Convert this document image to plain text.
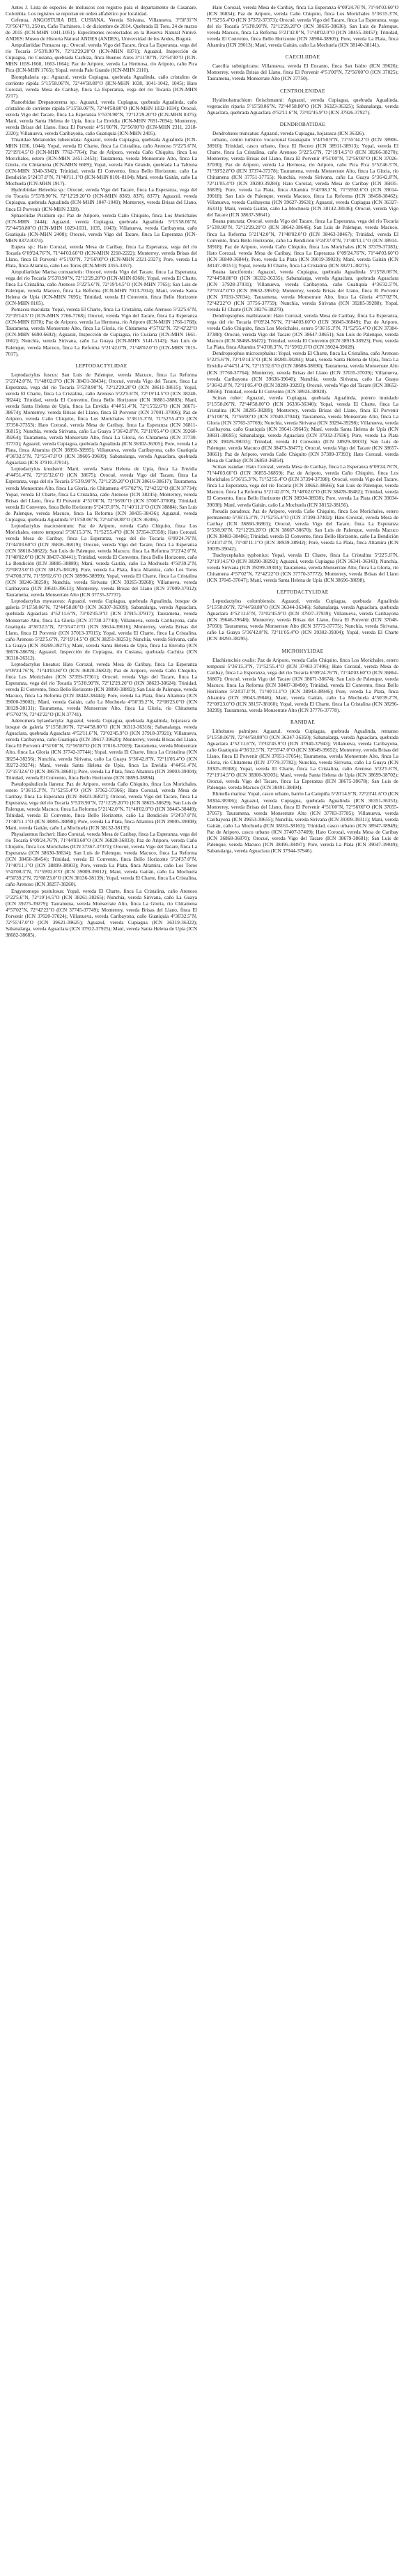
Antes J. Lista de especies de moluscos con registro para el departamento de Casanare, Colombia. Los registros se reportan en orden alfabético por localidad.

Cefenua, ANGOSTURA DEL CUSIANA, Vereda Sirivana, Villanueva, 3°50'31"N 73°56'47"O, 250 m, Caño Tuchinero, 1 de diciembre de 2014, Quebrada El Toro, 24 de marzo de 2015 (ICN-MHN 1041-1051). Especímenes recolectados en la Reserva Natural Ninivé. ANDES: Museo de Historia Natural ANDES (ANDES), Universidad de los Andes, Bogotá.

Ampullariidae Pomacea sp.: Orocué, vereda Vigo del Tacare, finca La Esperanza, vega del río Tocaría 5°53'8.90"N, 72°12'29.20"O (ICN-MHN 8371); Aguazul, Inspección de Cupiagua, río Cusiana, quebrada Cachiza, finca Buenos Aires 3°11'30"N, 72°54'30"O (ICN-MHN 1659-1660, 1663-1664); Paz de Ariporo, vereda La Hermosa, río Ariporo, caño Pica Pica (ICN-MHN 1765); Yopal, vereda Palo Grande (ICN-MHN 2110).

Biomphalaria sp.: Aguazul, vereda Cupiagua, quebrada Agualinda, caño cristalino de corriente rápida 5°15'58.06"N, 72°44'58.80"O (ICN-MHN 1038, 1041-1042, 1045); Hato Corozal, vereda Mesa de Caribay, finca La Esperanza, vega del río Tocaría (ICN-MHN 2217).

Planorbidae Drepanotrema sp.: Aguazul, vereda Cupiagua, quebrada Agualinda, caño cristalino de corriente rápida 5°15'58.06"N, 72°44'58.80"O (ICN-MHN 1032-1034); Orocué, vereda Vigo del Tacare, finca La Esperanza 5°53'8.90"N, 72°12'29.20"O (ICN-MHN 8375); Maní, vereda Santa Helena de Upía, finca La Envidia (ICN-MHN 7691-7694); Monterrey, vereda Brisas del Llano, finca El Porvenir 4°51'00"N, 72°56'00"O (ICN-MHN 2311, 2318-2320); Villanueva, vereda Caribayona, caño Guatiquía (ICN-MHN 2405).

Thiaridae Melanoides tuberculata: Aguazul, vereda Cupiagua, quebrada Agualinda (ICN-MHN 1036, 1044); Yopal, vereda El Charte, finca La Cristalina, caño Arenoso 5°22'5.6"N, 72°19'14.5"O (ICN-MHN 7762-7764); Paz de Ariporo, vereda Caño Chiquito, finca Los Morichales, estero (ICN-MHN 2451-2453); Tauramena, vereda Monserrate Alto, finca La Gloria, río Chitamena (ICN-MHN 6689); Yopal, vereda Palo Grande, quebrada La Tablona (ICN-MHN 3340-3342); Trinidad, vereda El Convento, finca Bello Horizonte, caño La Bendición 5°24'37.0"N, 71°40'11.1"O (ICN-MHN 8101-8104); Maní, vereda Gaitán, caño La Mochuela (ICN-MHN 1917).

Hydrobiidae Heleobia sp.: Orocué, vereda Vigo del Tacare, finca La Esperanza, vega del río Tocaría 5°53'8.90"N, 72°12'29.20"O (ICN-MHN 8369, 8376, 8377); Aguazul, vereda Cupiagua, quebrada Agualinda (ICN-MHN 1047-1049); Monterrey, vereda Brisas del Llano, finca El Porvenir (ICN-MHN 2328).

Sphaeriidae Pisidium sp.: Paz de Ariporo, vereda Caño Chiquito, finca Los Morichales (ICN-MHN 2444); Aguazul, vereda Cupiagua, quebrada Agualinda 5°15'58.06"N, 72°44'58.80"O (ICN-MHN 1029-1031, 1035, 1043); Villanueva, vereda Caribayona, caño Guatiquía (ICN-MHN 2408); Orocué, vereda Vigo del Tacare, finca La Esperanza (ICN-MHN 8372-8374).

Eupera sp.: Hato Corozal, vereda Mesa de Caribay, finca La Esperanza, vega del río Tocaría 6°09'24.76"N, 71°44'03.60"O (ICN-MHN 2218-2222); Monterrey, vereda Brisas del Llano, finca El Porvenir 4°51'00"N, 72°56'00"O (ICN-MHN 2321-2327); Pore, vereda La Plata, finca Altamira, caño Los Toros (ICN-MHN 3355-3357).

Ampullariidae Marisa cornuarietis: Orocué, vereda Vigo del Tacare, finca La Esperanza, vega del río Tocaría 5°53'8.90"N, 72°12'29.20"O (ICN-MHN 8368); Yopal, vereda El Charte, finca La Cristalina, caño Arenoso 5°22'5.6"N, 72°19'14.5"O (ICN-MHN 7765); San Luis de Palenque, vereda Macuco, finca La Reforma (ICN-MHN 7013-7014); Maní, vereda Santa Helena de Upía (ICN-MHN 7695); Trinidad, vereda El Convento, finca Bello Horizonte (ICN-MHN 8105).

Pomacea maculata: Yopal, vereda El Charte, finca La Cristalina, caño Arenoso 5°22'5.6"N, 72°19'14.5"O (ICN-MHN 7766-7768); Orocué, vereda Vigo del Tacare, finca La Esperanza (ICN-MHN 8370); Paz de Ariporo, vereda La Hermosa, río Ariporo (ICN-MHN 1766-1768); Tauramena, vereda Monserrate Alto, finca La Gloria, río Chitamena 4°57'02"N, 72°42'22"O (ICN-MHN 6690-6692); Aguazul, Inspección de Cupiagua, río Cusiana (ICN-MHN 1661-1662); Nunchía, vereda Sirivana, caño La Guaya (ICN-MHN 5141-5143); San Luis de Palenque, vereda Macuco, finca La Reforma 5°21'42.0"N, 71°48'02.0"O (ICN-MHN 7015-7017).

LEPTODACTYLIDAE

Leptodactylus fuscus: San Luis de Palenque, vereda Macuco, finca La Reforma 5°21'42.0"N, 71°48'02.0"O (ICN 38431-38434); Orocué, vereda Vigo del Tacare, finca La Esperanza, vega del río Tocaría 5°53'8.90"N, 72°12'29.20"O (ICN 38611-38615); Yopal, vereda El Charte, finca La Cristalina, caño Arenoso 5°22'5.6"N, 72°19'14.5"O (ICN 38240-38244); Trinidad, vereda El Convento, finca Bello Horizonte (ICN 38881-38883); Maní, vereda Santa Helena de Upía, finca La Envidia 4°44'51.4"N, 72°15'32.6"O (ICN 38671-38674); Monterrey, vereda Brisas del Llano, finca El Porvenir (ICN 37001-37006); Paz de Ariporo, vereda Caño Chiquito, finca Los Morichales 5°36'15.3"N, 71°52'55.4"O (ICN 37350-37353); Hato Corozal, vereda Mesa de Caribay, finca La Esperanza (ICN 36811-36815); Nunchía, vereda Sirivana, caño La Guaya 5°36'42.8"N, 72°11'05.4"O (ICN 39260-39264); Tauramena, vereda Monserrate Alto, finca La Gloria, río Chitamena (ICN 37730-37733); Aguazul, vereda Cupiagua, quebrada Agualinda (ICN 36302-36305); Pore, vereda La Plata, finca Altamira (ICN 38991-38995); Villanueva, vereda Caribayona, caño Guatiquía 4°36'32.5"N, 72°55'47.0"O (ICN 39605-39609); Sabanalarga, vereda Aguaclara, quebrada Aguaclara (ICN 37910-37914).

Leptodactylus knudseni: Maní, vereda Santa Helena de Upía, finca La Envidia 4°44'51.4"N, 72°15'32.6"O (ICN 38675); Orocué, vereda Vigo del Tacare, finca La Esperanza, vega del río Tocaría 5°53'8.90"N, 72°12'29.20"O (ICN 38616-38617); Tauramena, vereda Monserrate Alto, finca La Gloria, río Chitamena 4°57'02"N, 72°42'22"O (ICN 37734); Yopal, vereda El Charte, finca La Cristalina, caño Arenoso (ICN 38245); Monterrey, vereda Brisas del Llano, finca El Porvenir 4°51'00"N, 72°56'00"O (ICN 37007-37008); Trinidad, vereda El Convento, finca Bello Horizonte 5°24'37.0"N, 71°40'11.1"O (ICN 38884); San Luis de Palenque, vereda Macuco, finca La Reforma (ICN 38435-38436); Aguazul, vereda Cupiagua, quebrada Agualinda 5°15'58.06"N, 72°44'58.80"O (ICN 36306).

Leptodactylus macrosternum: Paz de Ariporo, vereda Caño Chiquito, finca Los Morichales, estero temporal 5°36'15.3"N, 71°52'55.4"O (ICN 37354-37358); Hato Corozal, vereda Mesa de Caribay, finca La Esperanza, vega del río Tocaría 6°09'24.76"N, 71°44'03.60"O (ICN 36816-36819); Orocué, vereda Vigo del Tacare, finca La Esperanza (ICN 38618-38622); San Luis de Palenque, vereda Macuco, finca La Reforma 5°21'42.0"N, 71°48'02.0"O (ICN 38437-38441); Trinidad, vereda El Convento, finca Bello Horizonte, caño La Bendición (ICN 38885-38889); Maní, vereda Gaitán, caño La Mochuela 4°50'39.2"N, 72°08'23.0"O (ICN 38125-38128); Pore, vereda La Plata, finca Altamira, caño Los Toros 5°43'08.3"N, 71°59'02.6"O (ICN 38996-38999); Yopal, vereda El Charte, finca La Cristalina (ICN 38246-38250); Nunchía, vereda Sirivana (ICN 39265-39268); Villanueva, vereda Caribayona (ICN 39610-39613); Monterrey, vereda Brisas del Llano (ICN 37009-37012); Tauramena, vereda Monserrate Alto (ICN 37735-37737).

Leptodactylus mystaceus: Aguazul, vereda Cupiagua, quebrada Agualinda, bosque de galería 5°15'58.06"N, 72°44'58.80"O (ICN 36307-36309); Sabanalarga, vereda Aguaclara, quebrada Aguaclara 4°52'11.6"N, 73°02'45.9"O (ICN 37915-37917); Tauramena, vereda Monserrate Alto, finca La Gloria (ICN 37738-37740); Villanueva, vereda Caribayona, caño Guatiquía 4°36'32.5"N, 72°55'47.0"O (ICN 39614-39616); Monterrey, vereda Brisas del Llano, finca El Porvenir (ICN 37013-37015); Yopal, vereda El Charte, finca La Cristalina, caño Arenoso 5°22'5.6"N, 72°19'14.5"O (ICN 38251-38253); Nunchía, vereda Sirivana, caño La Guaya (ICN 39269-39271); Maní, vereda Santa Helena de Upía, finca La Envidia (ICN 38676-38678); Aguazul, Inspección de Cupiagua, río Cusiana, quebrada Cachiza (ICN 36310-36312).

Leptodactylus lineatus: Hato Corozal, vereda Mesa de Caribay, finca La Esperanza 6°09'24.76"N, 71°44'03.60"O (ICN 36820-36822); Paz de Ariporo, vereda Caño Chiquito, finca Los Morichales (ICN 37359-37361); Orocué, vereda Vigo del Tacare, finca La Esperanza, vega del río Tocaría 5°53'8.90"N, 72°12'29.20"O (ICN 38623-38624); Trinidad, vereda El Convento, finca Bello Horizonte (ICN 38890-38892); San Luis de Palenque, vereda Macuco, finca La Reforma (ICN 38442-38444); Pore, vereda La Plata, finca Altamira (ICN 39000-39002); Maní, vereda Gaitán, caño La Mochuela 4°50'39.2"N, 72°08'23.0"O (ICN 38129-38131); Tauramena, vereda Monserrate Alto, finca La Gloria, río Chitamena 4°57'02"N, 72°42'22"O (ICN 37741).

Adenomera hylaedactyla: Aguazul, vereda Cupiagua, quebrada Agualinda, hojarasca de bosque de galería 5°15'58.06"N, 72°44'58.80"O (ICN 36313-36318); Sabanalarga, vereda Aguaclara, quebrada Aguaclara 4°52'11.6"N, 73°02'45.9"O (ICN 37918-37921); Villanueva, vereda Caribayona, caño Guatiquía (ICN 39617-39620); Monterrey, vereda Brisas del Llano, finca El Porvenir 4°51'00"N, 72°56'00"O (ICN 37016-37019); Tauramena, vereda Monserrate Alto, finca La Gloria (ICN 37742-37744); Yopal, vereda El Charte, finca La Cristalina (ICN 38254-38256); Nunchía, vereda Sirivana, caño La Guaya 5°36'42.8"N, 72°11'05.4"O (ICN 39272-39274); Maní, vereda Santa Helena de Upía, finca La Envidia 4°44'51.4"N, 72°15'32.6"O (ICN 38679-38681); Pore, vereda La Plata, finca Altamira (ICN 39003-39004); Trinidad, vereda El Convento, finca Bello Horizonte (ICN 38893-38894).

Pseudopaludicola llanera: Paz de Ariporo, vereda Caño Chiquito, finca Los Morichales, estero 5°36'15.3"N, 71°52'55.4"O (ICN 37362-37366); Hato Corozal, vereda Mesa de Caribay, finca La Esperanza (ICN 36823-36827); Orocué, vereda Vigo del Tacare, finca La Esperanza, vega del río Tocaría 5°53'8.90"N, 72°12'29.20"O (ICN 38625-38629); San Luis de Palenque, vereda Macuco, finca La Reforma 5°21'42.0"N, 71°48'02.0"O (ICN 38445-38449); Trinidad, vereda El Convento, finca Bello Horizonte, caño La Bendición 5°24'37.0"N, 71°40'11.1"O (ICN 38895-38898); Pore, vereda La Plata, finca Altamira (ICN 39005-39008); Maní, vereda Gaitán, caño La Mochuela (ICN 38132-38135).

Physalaemus fischeri: Hato Corozal, vereda Mesa de Caribay, finca La Esperanza, vega del río Tocaría 6°09'24.76"N, 71°44'03.60"O (ICN 36828-36833); Paz de Ariporo, vereda Caño Chiquito, finca Los Morichales (ICN 37367-37371); Orocué, vereda Vigo del Tacare, finca La Esperanza (ICN 38630-38634); San Luis de Palenque, vereda Macuco, finca La Reforma (ICN 38450-38454); Trinidad, vereda El Convento, finca Bello Horizonte 5°24'37.0"N, 71°40'11.1"O (ICN 38899-38903); Pore, vereda La Plata, finca Altamira, caño Los Toros 5°43'08.3"N, 71°59'02.6"O (ICN 39009-39012); Maní, vereda Gaitán, caño La Mochuela 4°50'39.2"N, 72°08'23.0"O (ICN 38136-38139); Yopal, vereda El Charte, finca La Cristalina, caño Arenoso (ICN 38257-38260).

Engystomops pustulosus: Yopal, vereda El Charte, finca La Cristalina, caño Arenoso 5°22'5.6"N, 72°19'14.5"O (ICN 38261-38265); Nunchía, vereda Sirivana, caño La Guaya (ICN 39275-39279); Tauramena, vereda Monserrate Alto, finca La Gloria, río Chitamena 4°57'02"N, 72°42'22"O (ICN 37745-37749); Monterrey, vereda Brisas del Llano, finca El Porvenir (ICN 37020-37024); Villanueva, vereda Caribayona, caño Guatiquía 4°36'32.5"N, 72°55'47.0"O (ICN 39621-39625); Aguazul, vereda Cupiagua (ICN 36319-36322); Sabanalarga, vereda Aguaclara (ICN 37922-37925); Maní, vereda Santa Helena de Upía (ICN 38682-38685).

Hato Corozal, vereda Mesa de Caribay, finca La Esperanza 6°09'24.76"N, 71°44'03.60"O (ICN 36834); Paz de Ariporo, vereda Caño Chiquito, finca Los Morichales 5°36'15.3"N, 71°52'55.4"O (ICN 37372-37373); Orocué, vereda Vigo del Tacare, finca La Esperanza, vega del río Tocaría 5°53'8.90"N, 72°12'29.20"O (ICN 38635-38636); San Luis de Palenque, vereda Macuco, finca La Reforma 5°21'42.0"N, 71°48'02.0"O (ICN 38455-38457); Trinidad, vereda El Convento, finca Bello Horizonte (ICN 38904-38905); Pore, vereda La Plata, finca Altamira (ICN 39013); Maní, vereda Gaitán, caño La Mochuela (ICN 38140-38141).

CAECILIIDAE

Caecilia subnigricans: Villanueva, vereda El Encanto, finca San Isidro (ICN 39626); Monterrey, vereda Brisas del Llano, finca El Porvenir 4°51'00"N, 72°56'00"O (ICN 37025); Tauramena, vereda Monserrate Alto (ICN 37750).

CENTROLENIDAE

Hyalinobatrachium fleischmanni: Aguazul, vereda Cupiagua, quebrada Agualinda, vegetación riparia 5°15'58.06"N, 72°44'58.80"O (ICN 36323-36325); Sabanalarga, vereda Aguaclara, quebrada Aguaclara 4°52'11.6"N, 73°02'45.9"O (ICN 37926-37927).

DENDROBATIDAE

Dendrobates truncatus: Aguazul, vereda Cupiagua, hojarasca (ICN 36326).

urbano, centro turístico vocacional Guanapalo 5°43'50.9"N, 71°55'34.2"O (ICN 38906-38910); Trinidad, casco urbano, finca El Recreo (ICN 38911-38913); Yopal, vereda El Charte, finca La Cristalina, caño Arenoso 5°22'5.6"N, 72°19'14.5"O (ICN 38266-38270); Monterrey, vereda Brisas del Llano, finca El Porvenir 4°51'00"N, 72°56'00"O (ICN 37026-37030); Paz de Ariporo, vereda La Hermosa, río Ariporo, caño Pica Pica 5°52'46.5"N, 71°39'52.8"O (ICN 37374-37378); Tauramena, vereda Monserrate Alto, finca La Gloria, río Chitamena (ICN 37751-37755); Nunchía, vereda Sirivana, caño La Guaya 5°36'42.8"N, 72°11'05.4"O (ICN 39280-39284); Hato Corozal, vereda Mesa de Caribay (ICN 36835-36839); Pore, vereda La Plata, finca Altamira 5°43'08.3"N, 71°59'02.6"O (ICN 39014-39018); San Luis de Palenque, vereda Macuco, finca La Reforma (ICN 38458-38462); Villanueva, vereda Caribayona (ICN 39627-39631); Aguazul, vereda Cupiagua (ICN 36327-36331); Maní, vereda Gaitán, caño La Mochuela (ICN 38142-38146); Orocué, vereda Vigo del Tacare (ICN 38637-38641).

Boana punctata: Orocué, vereda Vigo del Tacare, finca La Esperanza, vega del río Tocaría 5°53'8.90"N, 72°12'29.20"O (ICN 38642-38646); San Luis de Palenque, vereda Macuco, finca La Reforma 5°21'42.0"N, 71°48'02.0"O (ICN 38463-38467); Trinidad, vereda El Convento, finca Bello Horizonte, caño La Bendición 5°24'37.0"N, 71°40'11.1"O (ICN 38914-38918); Paz de Ariporo, vereda Caño Chiquito, finca Los Morichales (ICN 37379-37383); Hato Corozal, vereda Mesa de Caribay, finca La Esperanza 6°09'24.76"N, 71°44'03.60"O (ICN 36840-36844); Pore, vereda La Plata (ICN 39019-39023); Maní, vereda Gaitán (ICN 38147-38151); Yopal, vereda El Charte, finca La Cristalina (ICN 38271-38275).

Boana lanciformis: Aguazul, vereda Cupiagua, quebrada Agualinda 5°15'58.06"N, 72°44'58.80"O (ICN 36332-36335); Sabanalarga, vereda Aguaclara, quebrada Aguaclara (ICN 37928-37931); Villanueva, vereda Caribayona, caño Guatiquía 4°36'32.5"N, 72°55'47.0"O (ICN 39632-39635); Monterrey, vereda Brisas del Llano, finca El Porvenir (ICN 37031-37034); Tauramena, vereda Monserrate Alto, finca La Gloria 4°57'02"N, 72°42'22"O (ICN 37756-37759); Nunchía, vereda Sirivana (ICN 39285-39288); Yopal, vereda El Charte (ICN 38276-38279).

Dendropsophus mathiassoni: Hato Corozal, vereda Mesa de Caribay, finca La Esperanza, vega del río Tocaría 6°09'24.76"N, 71°44'03.60"O (ICN 36845-36849); Paz de Ariporo, vereda Caño Chiquito, finca Los Morichales, estero 5°36'15.3"N, 71°52'55.4"O (ICN 37384-37388); Orocué, vereda Vigo del Tacare (ICN 38647-38651); San Luis de Palenque, vereda Macuco (ICN 38468-38472); Trinidad, vereda El Convento (ICN 38919-38923); Pore, vereda La Plata, finca Altamira 5°43'08.3"N, 71°59'02.6"O (ICN 39024-39028).

Dendropsophus microcephalus: Yopal, vereda El Charte, finca La Cristalina, caño Arenoso 5°22'5.6"N, 72°19'14.5"O (ICN 38280-38284); Maní, vereda Santa Helena de Upía, finca La Envidia 4°44'51.4"N, 72°15'32.6"O (ICN 38686-38690); Tauramena, vereda Monserrate Alto (ICN 37760-37764); Monterrey, vereda Brisas del Llano (ICN 37035-37039); Villanueva, vereda Caribayona (ICN 39636-39640); Nunchía, vereda Sirivana, caño La Guaya 5°36'42.8"N, 72°11'05.4"O (ICN 39289-39293); Orocué, vereda Vigo del Tacare (ICN 38652-38656); Trinidad, vereda El Convento (ICN 38924-38928).

Scinax ruber: Aguazul, vereda Cupiagua, quebrada Agualinda, potrero inundado 5°15'58.06"N, 72°44'58.80"O (ICN 36336-36340); Yopal, vereda El Charte, finca La Cristalina (ICN 38285-38289); Monterrey, vereda Brisas del Llano, finca El Porvenir 4°51'00"N, 72°56'00"O (ICN 37040-37044); Tauramena, vereda Monserrate Alto, finca La Gloria (ICN 37765-37769); Nunchía, vereda Sirivana (ICN 39294-39298); Villanueva, vereda Caribayona, caño Guatiquía (ICN 39641-39645); Maní, vereda Santa Helena de Upía (ICN 38691-38695); Sabanalarga, vereda Aguaclara (ICN 37932-37936); Pore, vereda La Plata (ICN 39029-39033); Trinidad, vereda El Convento (ICN 38929-38933); San Luis de Palenque, vereda Macuco (ICN 38473-38477); Orocué, vereda Vigo del Tacare (ICN 38657-38661); Paz de Ariporo, vereda Caño Chiquito (ICN 37389-37393); Hato Corozal, vereda Mesa de Caribay (ICN 36850-36854).

Scinax wandae: Hato Corozal, vereda Mesa de Caribay, finca La Esperanza 6°09'24.76"N, 71°44'03.60"O (ICN 36855-36859); Paz de Ariporo, vereda Caño Chiquito, finca Los Morichales 5°36'15.3"N, 71°52'55.4"O (ICN 37394-37398); Orocué, vereda Vigo del Tacare, finca La Esperanza, vega del río Tocaría (ICN 38662-38666); San Luis de Palenque, vereda Macuco, finca La Reforma 5°21'42.0"N, 71°48'02.0"O (ICN 38478-38482); Trinidad, vereda El Convento, finca Bello Horizonte (ICN 38934-38938); Pore, vereda La Plata (ICN 39034-39038); Maní, vereda Gaitán, caño La Mochuela (ICN 38152-38156).

Pseudis paradoxa: Paz de Ariporo, vereda Caño Chiquito, finca Los Morichales, estero permanente 5°36'15.3"N, 71°52'55.4"O (ICN 37399-37402); Hato Corozal, vereda Mesa de Caribay (ICN 36860-36863); Orocué, vereda Vigo del Tacare, finca La Esperanza 5°53'8.90"N, 72°12'29.20"O (ICN 38667-38670); San Luis de Palenque, vereda Macuco (ICN 38483-38486); Trinidad, vereda El Convento, finca Bello Horizonte, caño La Bendición 5°24'37.0"N, 71°40'11.1"O (ICN 38939-38942); Pore, vereda La Plata, finca Altamira (ICN 39039-39042).

Trachycephalus typhonius: Yopal, vereda El Charte, finca La Cristalina 5°22'5.6"N, 72°19'14.5"O (ICN 38290-38292); Aguazul, vereda Cupiagua (ICN 36341-36343); Nunchía, vereda Sirivana (ICN 39299-39301); Tauramena, vereda Monserrate Alto, finca La Gloria, río Chitamena 4°57'02"N, 72°42'22"O (ICN 37770-37772); Monterrey, vereda Brisas del Llano (ICN 37045-37047); Maní, vereda Santa Helena de Upía (ICN 38696-38698).

LEPTODACTYLIDAE

Leptodactylus colombiensis: Aguazul, vereda Cupiagua, quebrada Agualinda 5°15'58.06"N, 72°44'58.80"O (ICN 36344-36346); Sabanalarga, vereda Aguaclara, quebrada Aguaclara 4°52'11.6"N, 73°02'45.9"O (ICN 37937-37939); Villanueva, vereda Caribayona (ICN 39646-39648); Monterrey, vereda Brisas del Llano, finca El Porvenir (ICN 37048-37050); Tauramena, vereda Monserrate Alto (ICN 37773-37775); Nunchía, vereda Sirivana, caño La Guaya 5°36'42.8"N, 72°11'05.4"O (ICN 39302-39304); Yopal, vereda El Charte (ICN 38293-38295).

MICROHYLIDAE

Elachistocleis ovalis: Paz de Ariporo, vereda Caño Chiquito, finca Los Morichales, estero temporal 5°36'15.3"N, 71°52'55.4"O (ICN 37403-37406); Hato Corozal, vereda Mesa de Caribay, finca La Esperanza, vega del río Tocaría 6°09'24.76"N, 71°44'03.60"O (ICN 36864-36867); Orocué, vereda Vigo del Tacare (ICN 38671-38674); San Luis de Palenque, vereda Macuco, finca La Reforma (ICN 38487-38490); Trinidad, vereda El Convento, finca Bello Horizonte 5°24'37.0"N, 71°40'11.1"O (ICN 38943-38946); Pore, vereda La Plata, finca Altamira (ICN 39043-39046); Maní, vereda Gaitán, caño La Mochuela 4°50'39.2"N, 72°08'23.0"O (ICN 38157-38160); Yopal, vereda El Charte, finca La Cristalina (ICN 38296-38299); Tauramena, vereda Monserrate Alto (ICN 37776-37778).

RANIDAE

Lithobates palmipes: Aguazul, vereda Cupiagua, quebrada Agualinda, remanso 5°15'58.06"N, 72°44'58.80"O (ICN 36347-36350); Sabanalarga, vereda Aguaclara, quebrada Aguaclara 4°52'11.6"N, 73°02'45.9"O (ICN 37940-37943); Villanueva, vereda Caribayona, caño Guatiquía 4°36'32.5"N, 72°55'47.0"O (ICN 39649-39652); Monterrey, vereda Brisas del Llano, finca El Porvenir (ICN 37051-37054); Tauramena, vereda Monserrate Alto, finca La Gloria, río Chitamena (ICN 37779-37782); Nunchía, vereda Sirivana, caño La Guaya (ICN 39305-39308); Yopal, vereda El Charte, finca La Cristalina, caño Arenoso 5°22'5.6"N, 72°19'14.5"O (ICN 38300-38303); Maní, vereda Santa Helena de Upía (ICN 38699-38702); Orocué, vereda Vigo del Tacare, finca La Esperanza (ICN 38675-38678); San Luis de Palenque, vereda Macuco (ICN 38491-38494).

Rhinella marina: Yopal, casco urbano, barrio La Campiña 5°20'14.9"N, 72°23'41.6"O (ICN 38304-38306); Aguazul, vereda Cupiagua, quebrada Agualinda (ICN 36351-36353); Monterrey, vereda Brisas del Llano, finca El Porvenir 4°51'00"N, 72°56'00"O (ICN 37055-37057); Tauramena, vereda Monserrate Alto (ICN 37783-37785); Villanueva, vereda Caribayona (ICN 39653-39655); Nunchía, vereda Sirivana (ICN 39309-39311); Maní, vereda Gaitán, caño La Mochuela (ICN 38161-38163); Trinidad, casco urbano (ICN 38947-38949); Paz de Ariporo, casco urbano (ICN 37407-37409); Hato Corozal, vereda Mesa de Caribay (ICN 36868-36870); Orocué, vereda Vigo del Tacare (ICN 38679-38681); San Luis de Palenque, vereda Macuco (ICN 38495-38497); Pore, vereda La Plata (ICN 39047-39049); Sabanalarga, vereda Aguaclara (ICN 37944-37946).
